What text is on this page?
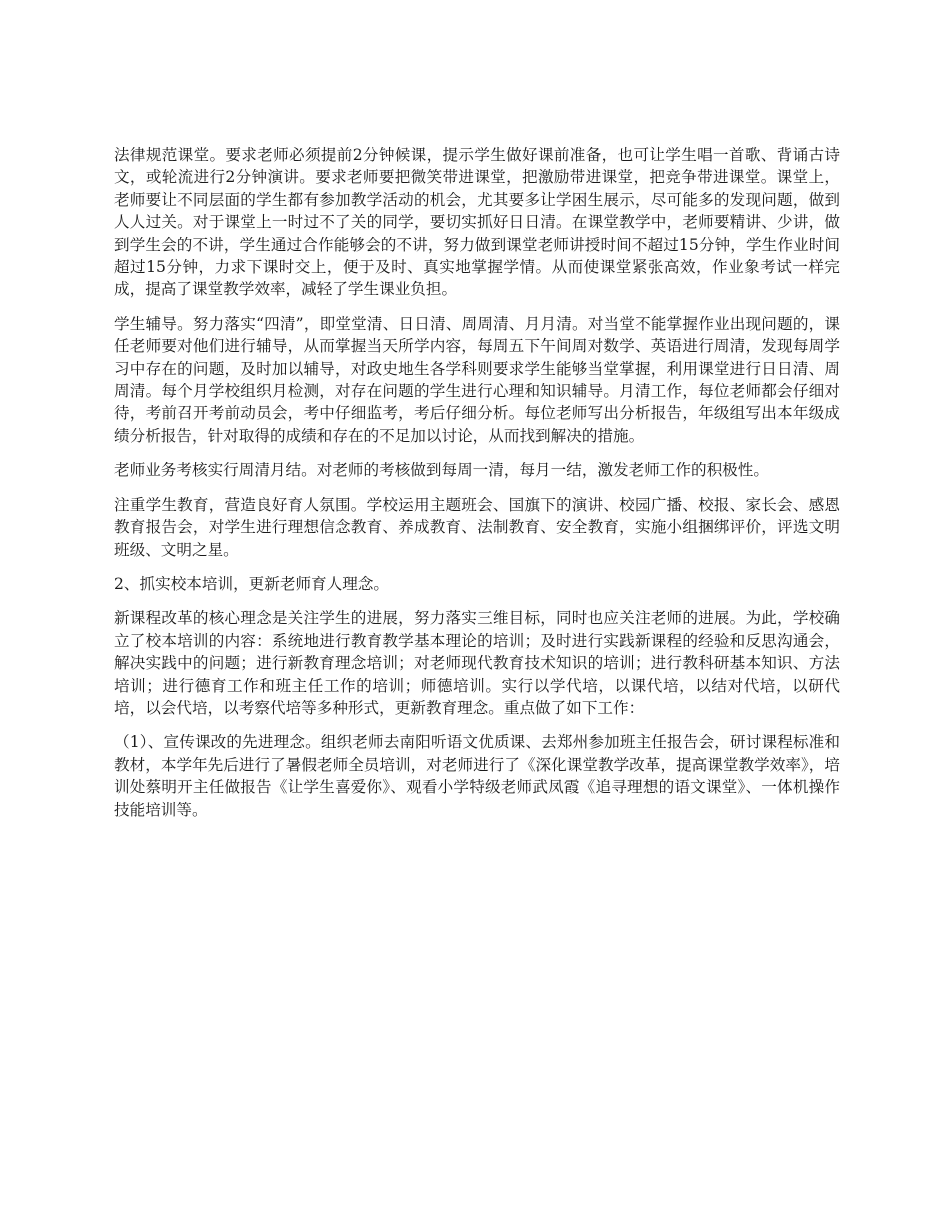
法律规范课堂。要求老师必须提前2分钟候课，提示学生做好课前准备，也可让学生唱一首歌、背诵古诗文，或轮流进行2分钟演讲。要求老师要把微笑带进课堂，把激励带进课堂，把竞争带进课堂。课堂上，老师要让不同层面的学生都有参加教学活动的机会，尤其要多让学困生展示，尽可能多的发现问题，做到人人过关。对于课堂上一时过不了关的同学，要切实抓好日日清。在课堂教学中，老师要精讲、少讲，做到学生会的不讲，学生通过合作能够会的不讲，努力做到课堂老师讲授时间不超过15分钟，学生作业时间超过15分钟，力求下课时交上，便于及时、真实地掌握学情。从而使课堂紧张高效，作业象考试一样完成，提高了课堂教学效率，减轻了学生课业负担。

学生辅导。努力落实“四清”，即堂堂清、日日清、周周清、月月清。对当堂不能掌握作业出现问题的，课任老师要对他们进行辅导，从而掌握当天所学内容，每周五下午间周对数学、英语进行周清，发现每周学习中存在的问题，及时加以辅导，对政史地生各学科则要求学生能够当堂掌握，利用课堂进行日日清、周周清。每个月学校组织月检测，对存在问题的学生进行心理和知识辅导。月清工作，每位老师都会仔细对待，考前召开考前动员会，考中仔细监考，考后仔细分析。每位老师写出分析报告，年级组写出本年级成绩分析报告，针对取得的成绩和存在的不足加以讨论，从而找到解决的措施。

老师业务考核实行周清月结。对老师的考核做到每周一清，每月一结，激发老师工作的积极性。

注重学生教育，营造良好育人氛围。学校运用主题班会、国旗下的演讲、校园广播、校报、家长会、感恩教育报告会，对学生进行理想信念教育、养成教育、法制教育、安全教育，实施小组捆绑评价，评选文明班级、文明之星。

2、抓实校本培训，更新老师育人理念。

新课程改革的核心理念是关注学生的进展，努力落实三维目标，同时也应关注老师的进展。为此，学校确立了校本培训的内容：系统地进行教育教学基本理论的培训；及时进行实践新课程的经验和反思沟通会，解决实践中的问题；进行新教育理念培训；对老师现代教育技术知识的培训；进行教科研基本知识、方法培训；进行德育工作和班主任工作的培训；师德培训。实行以学代培，以课代培，以结对代培，以研代培，以会代培，以考察代培等多种形式，更新教育理念。重点做了如下工作：

（1）、宣传课改的先进理念。组织老师去南阳听语文优质课、去郑州参加班主任报告会，研讨课程标准和教材，本学年先后进行了暑假老师全员培训，对老师进行了《深化课堂教学改革，提高课堂教学效率》，培训处蔡明开主任做报告《让学生喜爱你》、观看小学特级老师武凤霞《追寻理想的语文课堂》、一体机操作技能培训等。
